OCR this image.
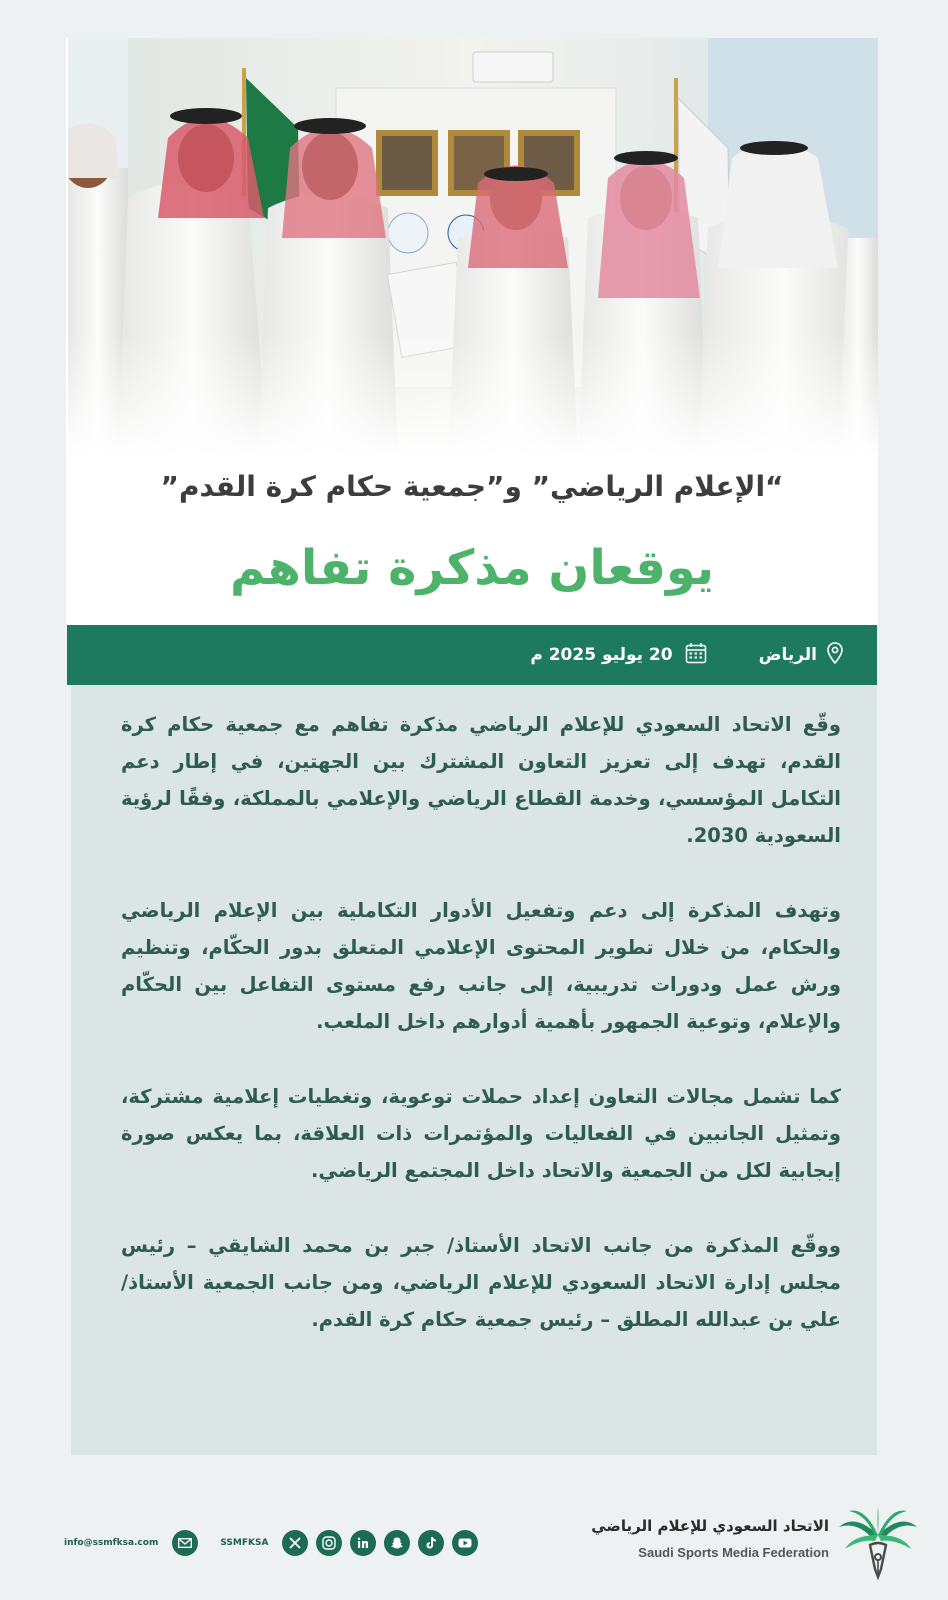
“الإعلام الرياضي” و”جمعية حكام كرة القدم”
يوقعان مذكرة تفاهم
الرياض
20 يوليو 2025 م

وقّع الاتحاد السعودي للإعلام الرياضي مذكرة تفاهم مع جمعية حكام كرة القدم، تهدف إلى تعزيز التعاون المشترك بين الجهتين، في إطار دعم التكامل المؤسسي، وخدمة القطاع الرياضي والإعلامي بالمملكة، وفقًا لرؤية السعودية 2030.

وتهدف المذكرة إلى دعم وتفعيل الأدوار التكاملية بين الإعلام الرياضي والحكام، من خلال تطوير المحتوى الإعلامي المتعلق بدور الحكّام، وتنظيم ورش عمل ودورات تدريبية، إلى جانب رفع مستوى التفاعل بين الحكّام والإعلام، وتوعية الجمهور بأهمية أدوارهم داخل الملعب.

كما تشمل مجالات التعاون إعداد حملات توعوية، وتغطيات إعلامية مشتركة، وتمثيل الجانبين في الفعاليات والمؤتمرات ذات العلاقة، بما يعكس صورة إيجابية لكل من الجمعية والاتحاد داخل المجتمع الرياضي.

ووقّع المذكرة من جانب الاتحاد الأستاذ/ جبر بن محمد الشايقي – رئيس مجلس إدارة الاتحاد السعودي للإعلام الرياضي، ومن جانب الجمعية الأستاذ/ علي بن عبدالله المطلق – رئيس جمعية حكام كرة القدم.

info@ssmfksa.com	SSMFKSA
الاتحاد السعودي للإعلام الرياضي
Saudi Sports Media Federation
